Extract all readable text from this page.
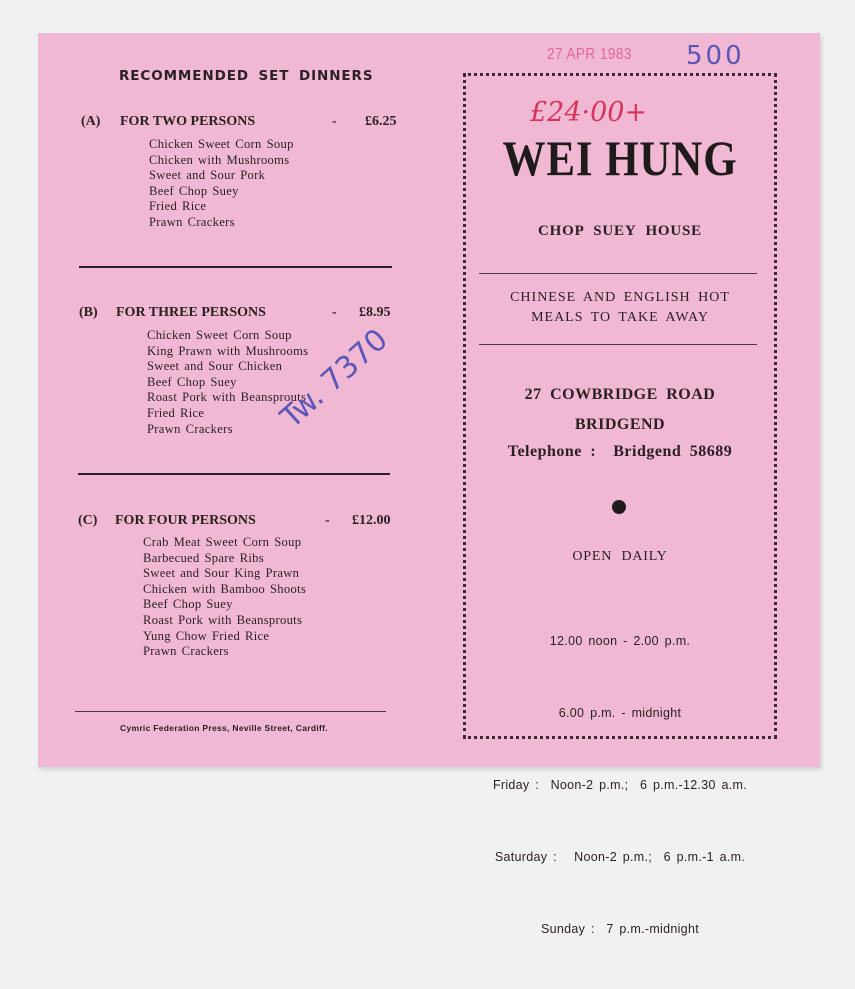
RECOMMENDED SET DINNERS
(A) FOR TWO PERSONS	- £6.25
Chicken Sweet Corn Soup
Chicken with Mushrooms
Sweet and Sour Pork
Beef Chop Suey
Fried Rice
Prawn Crackers
(B) FOR THREE PERSONS	- £8.95
Chicken Sweet Corn Soup
King Prawn with Mushrooms
Sweet and Sour Chicken
Beef Chop Suey
Roast Pork with Beansprouts
Fried Rice
Prawn Crackers
(C) FOR FOUR PERSONS	- £12.00
Crab Meat Sweet Corn Soup
Barbecued Spare Ribs
Sweet and Sour King Prawn
Chicken with Bamboo Shoots
Beef Chop Suey
Roast Pork with Beansprouts
Yung Chow Fried Rice
Prawn Crackers
Cymric Federation Press, Neville Street, Cardiff.
Tw. 7370
27 APR 1983 500
£24·00+
WEI HUNG
CHOP SUEY HOUSE
CHINESE AND ENGLISH HOT
MEALS TO TAKE AWAY
27 COWBRIDGE ROAD
BRIDGEND
Telephone :  Bridgend 58689
OPEN DAILY

12.00 noon - 2.00 p.m.

6.00 p.m. - midnight

Friday :  Noon-2 p.m.;  6 p.m.-12.30 a.m.

Saturday :   Noon-2 p.m.;  6 p.m.-1 a.m.

Sunday :  7 p.m.-midnight
